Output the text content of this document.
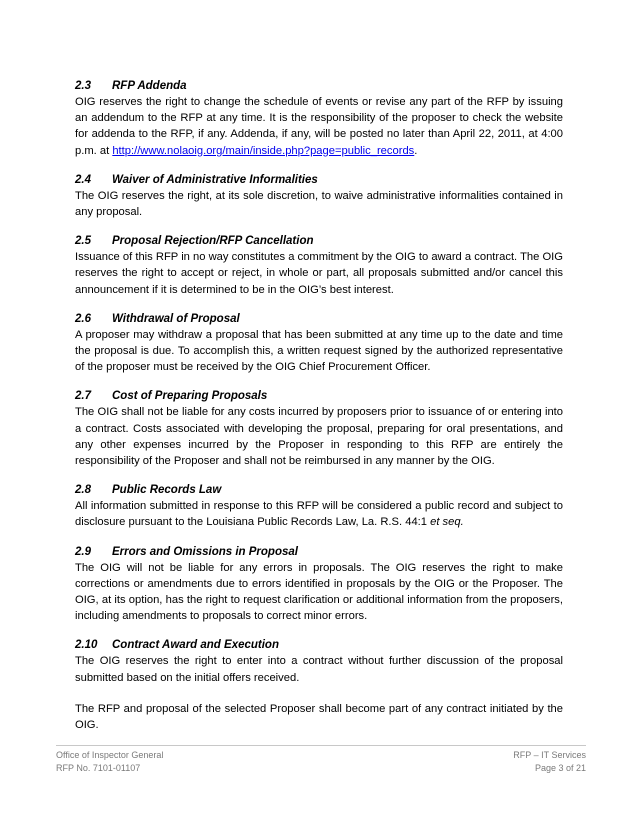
2.3 RFP Addenda

OIG reserves the right to change the schedule of events or revise any part of the RFP by issuing an addendum to the RFP at any time. It is the responsibility of the proposer to check the website for addenda to the RFP, if any. Addenda, if any, will be posted no later than April 22, 2011, at 4:00 p.m. at http://www.nolaoig.org/main/inside.php?page=public_records.

2.4 Waiver of Administrative Informalities

The OIG reserves the right, at its sole discretion, to waive administrative informalities contained in any proposal.

2.5 Proposal Rejection/RFP Cancellation

Issuance of this RFP in no way constitutes a commitment by the OIG to award a contract. The OIG reserves the right to accept or reject, in whole or part, all proposals submitted and/or cancel this announcement if it is determined to be in the OIG’s best interest.

2.6 Withdrawal of Proposal

A proposer may withdraw a proposal that has been submitted at any time up to the date and time the proposal is due. To accomplish this, a written request signed by the authorized representative of the proposer must be received by the OIG Chief Procurement Officer.

2.7 Cost of Preparing Proposals

The OIG shall not be liable for any costs incurred by proposers prior to issuance of or entering into a contract. Costs associated with developing the proposal, preparing for oral presentations, and any other expenses incurred by the Proposer in responding to this RFP are entirely the responsibility of the Proposer and shall not be reimbursed in any manner by the OIG.

2.8 Public Records Law

All information submitted in response to this RFP will be considered a public record and subject to disclosure pursuant to the Louisiana Public Records Law, La. R.S. 44:1 et seq.

2.9 Errors and Omissions in Proposal

The OIG will not be liable for any errors in proposals. The OIG reserves the right to make corrections or amendments due to errors identified in proposals by the OIG or the Proposer. The OIG, at its option, has the right to request clarification or additional information from the proposers, including amendments to proposals to correct minor errors.

2.10 Contract Award and Execution

The OIG reserves the right to enter into a contract without further discussion of the proposal submitted based on the initial offers received.

The RFP and proposal of the selected Proposer shall become part of any contract initiated by the OIG.

Office of Inspector General
RFP No. 7101-01107
RFP – IT Services
Page 3 of 21
